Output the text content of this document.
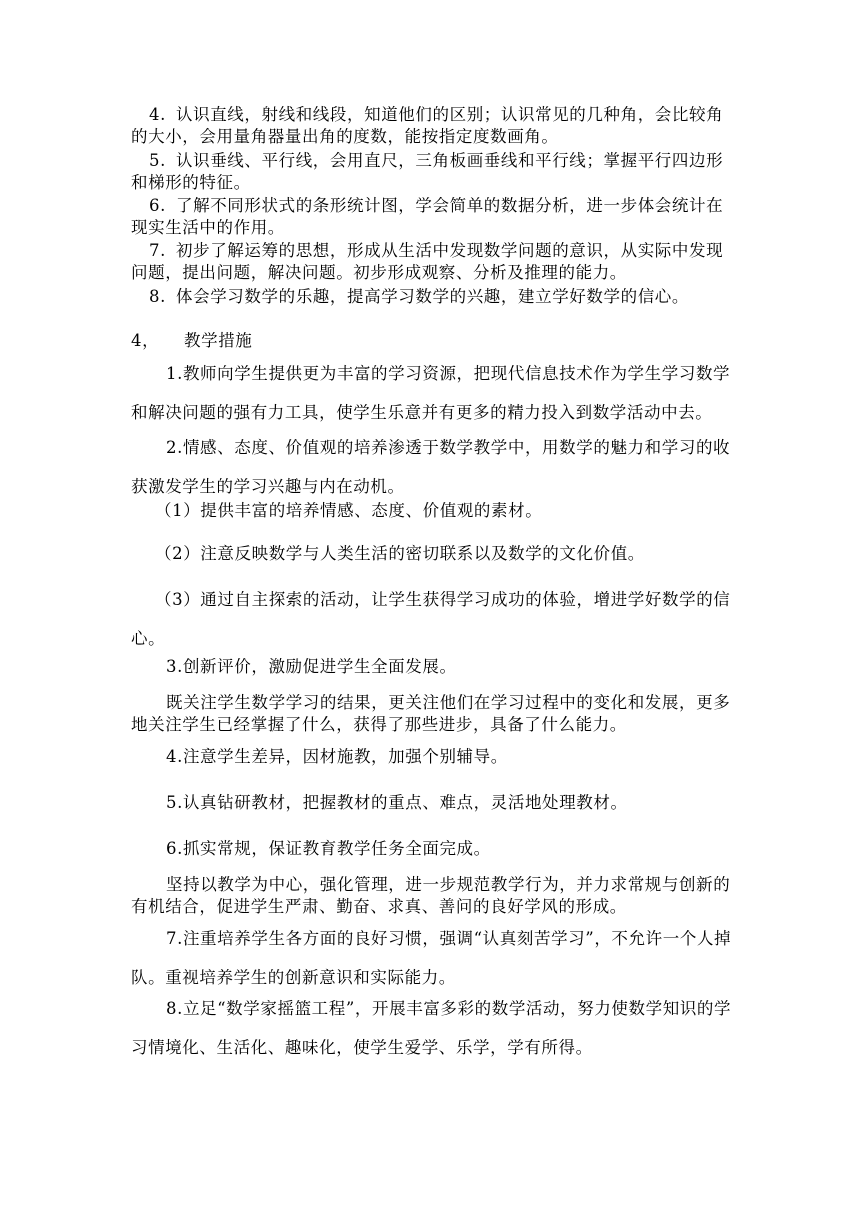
4. 认识直线，射线和线段，知道他们的区别；认识常见的几种角，会比较角的大小，会用量角器量出角的度数，能按指定度数画角。

5. 认识垂线、平行线，会用直尺，三角板画垂线和平行线；掌握平行四边形和梯形的特征。

6. 了解不同形状式的条形统计图，学会简单的数据分析，进一步体会统计在现实生活中的作用。

7. 初步了解运筹的思想，形成从生活中发现数学问题的意识，从实际中发现问题，提出问题，解决问题。初步形成观察、分析及推理的能力。

8. 体会学习数学的乐趣，提高学习数学的兴趣，建立学好数学的信心。

4， 教学措施

1.教师向学生提供更为丰富的学习资源，把现代信息技术作为学生学习数学和解决问题的强有力工具，使学生乐意并有更多的精力投入到数学活动中去。

2.情感、态度、价值观的培养渗透于数学教学中，用数学的魅力和学习的收获激发学生的学习兴趣与内在动机。

（1）提供丰富的培养情感、态度、价值观的素材。

（2）注意反映数学与人类生活的密切联系以及数学的文化价值。

（3）通过自主探索的活动，让学生获得学习成功的体验，增进学好数学的信心。

3.创新评价，激励促进学生全面发展。

既关注学生数学学习的结果，更关注他们在学习过程中的变化和发展，更多地关注学生已经掌握了什么，获得了那些进步，具备了什么能力。

4.注意学生差异，因材施教，加强个别辅导。

5.认真钻研教材，把握教材的重点、难点，灵活地处理教材。

6.抓实常规，保证教育教学任务全面完成。

坚持以教学为中心，强化管理，进一步规范教学行为，并力求常规与创新的有机结合，促进学生严肃、勤奋、求真、善问的良好学风的形成。

7.注重培养学生各方面的良好习惯，强调“认真刻苦学习”，不允许一个人掉队。重视培养学生的创新意识和实际能力。

8.立足“数学家摇篮工程”，开展丰富多彩的数学活动，努力使数学知识的学习情境化、生活化、趣味化，使学生爱学、乐学，学有所得。
